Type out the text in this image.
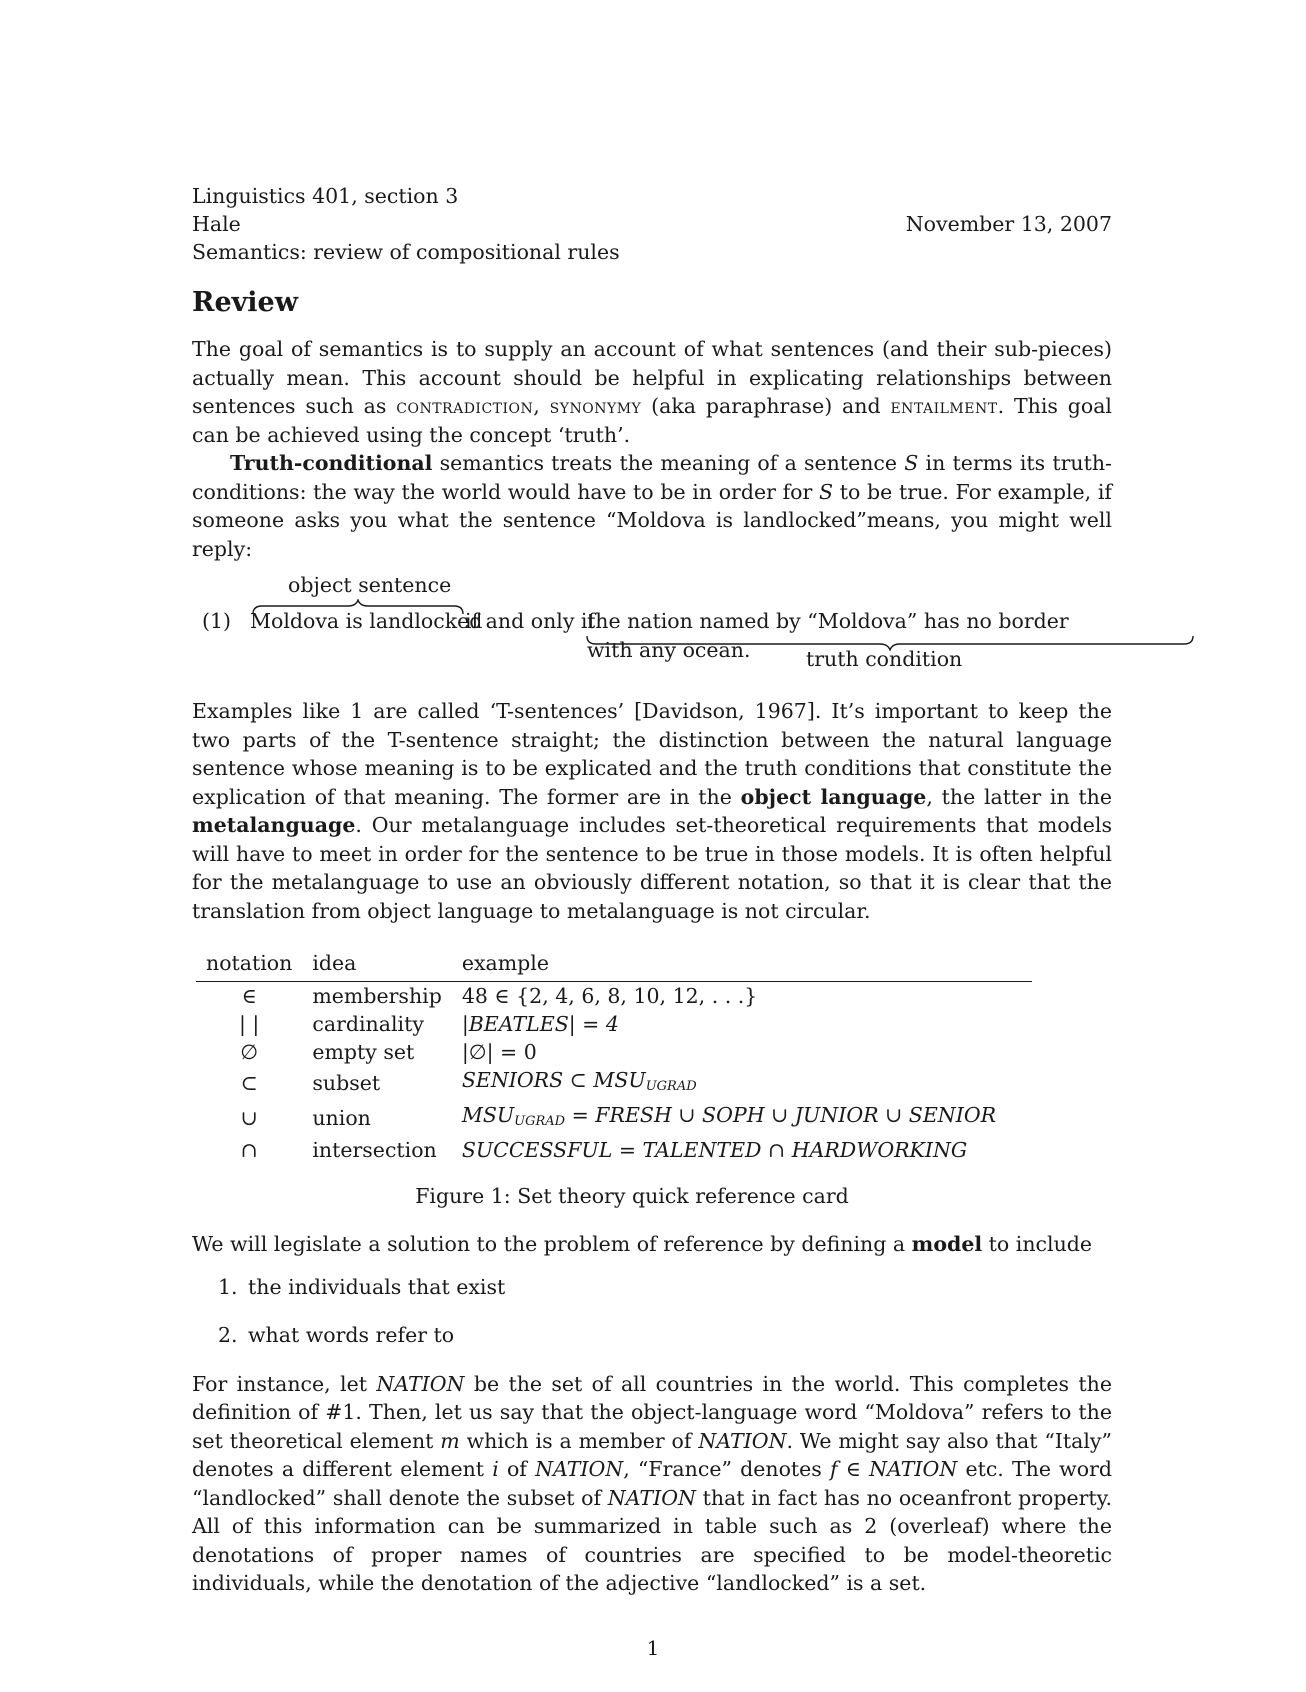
Linguistics 401, section 3
Hale	November 13, 2007
Semantics: review of compositional rules
Review

The goal of semantics is to supply an account of what sentences (and their sub-pieces) actually mean. This account should be helpful in explicating relationships between sentences such as contradiction, synonymy (aka paraphrase) and entailment. This goal can be achieved using the concept ‘truth’.

Truth-conditional semantics treats the meaning of a sentence S in terms its truth-conditions: the way the world would have to be in order for S to be true. For example, if someone asks you what the sentence “Moldova is landlocked”means, you might well reply:

object sentence
(1) Moldova is landlocked
if and only if
the nation named by “Moldova” has no border with any ocean.	truth condition

Examples like 1 are called ‘T-sentences’ [Davidson, 1967]. It’s important to keep the two parts of the T-sentence straight; the distinction between the natural language sentence whose meaning is to be explicated and the truth conditions that constitute the explication of that meaning. The former are in the object language, the latter in the metalanguage. Our metalanguage includes set-theoretical requirements that models will have to meet in order for the sentence to be true in those models. It is often helpful for the metalanguage to use an obviously different notation, so that it is clear that the translation from object language to metalanguage is not circular.

notation	idea	example
∈	membership	48 ∈ {2, 4, 6, 8, 10, 12, . . .}
| |	cardinality	|BEATLES| = 4
∅	empty set	|∅| = 0
⊂	subset	SENIORS ⊂ $MSU_{UGRAD}$
∪	union	$MSU_{UGRAD}$ = FRESH ∪ SOPH ∪ JUNIOR ∪ SENIOR
∩	intersection	SUCCESSFUL = TALENTED ∩ HARDWORKING
Figure 1: Set theory quick reference card

We will legislate a solution to the problem of reference by defining a model to include

1. the individuals that exist
2. what words refer to

For instance, let NATION be the set of all countries in the world. This completes the definition of #1. Then, let us say that the object-language word “Moldova” refers to the set theoretical element m which is a member of NATION. We might say also that “Italy” denotes a different element i of NATION, “France” denotes f ∈ NATION etc. The word “landlocked” shall denote the subset of NATION that in fact has no oceanfront property. All of this information can be summarized in table such as 2 (overleaf) where the denotations of proper names of countries are specified to be model-theoretic individuals, while the denotation of the adjective “landlocked” is a set.

1
